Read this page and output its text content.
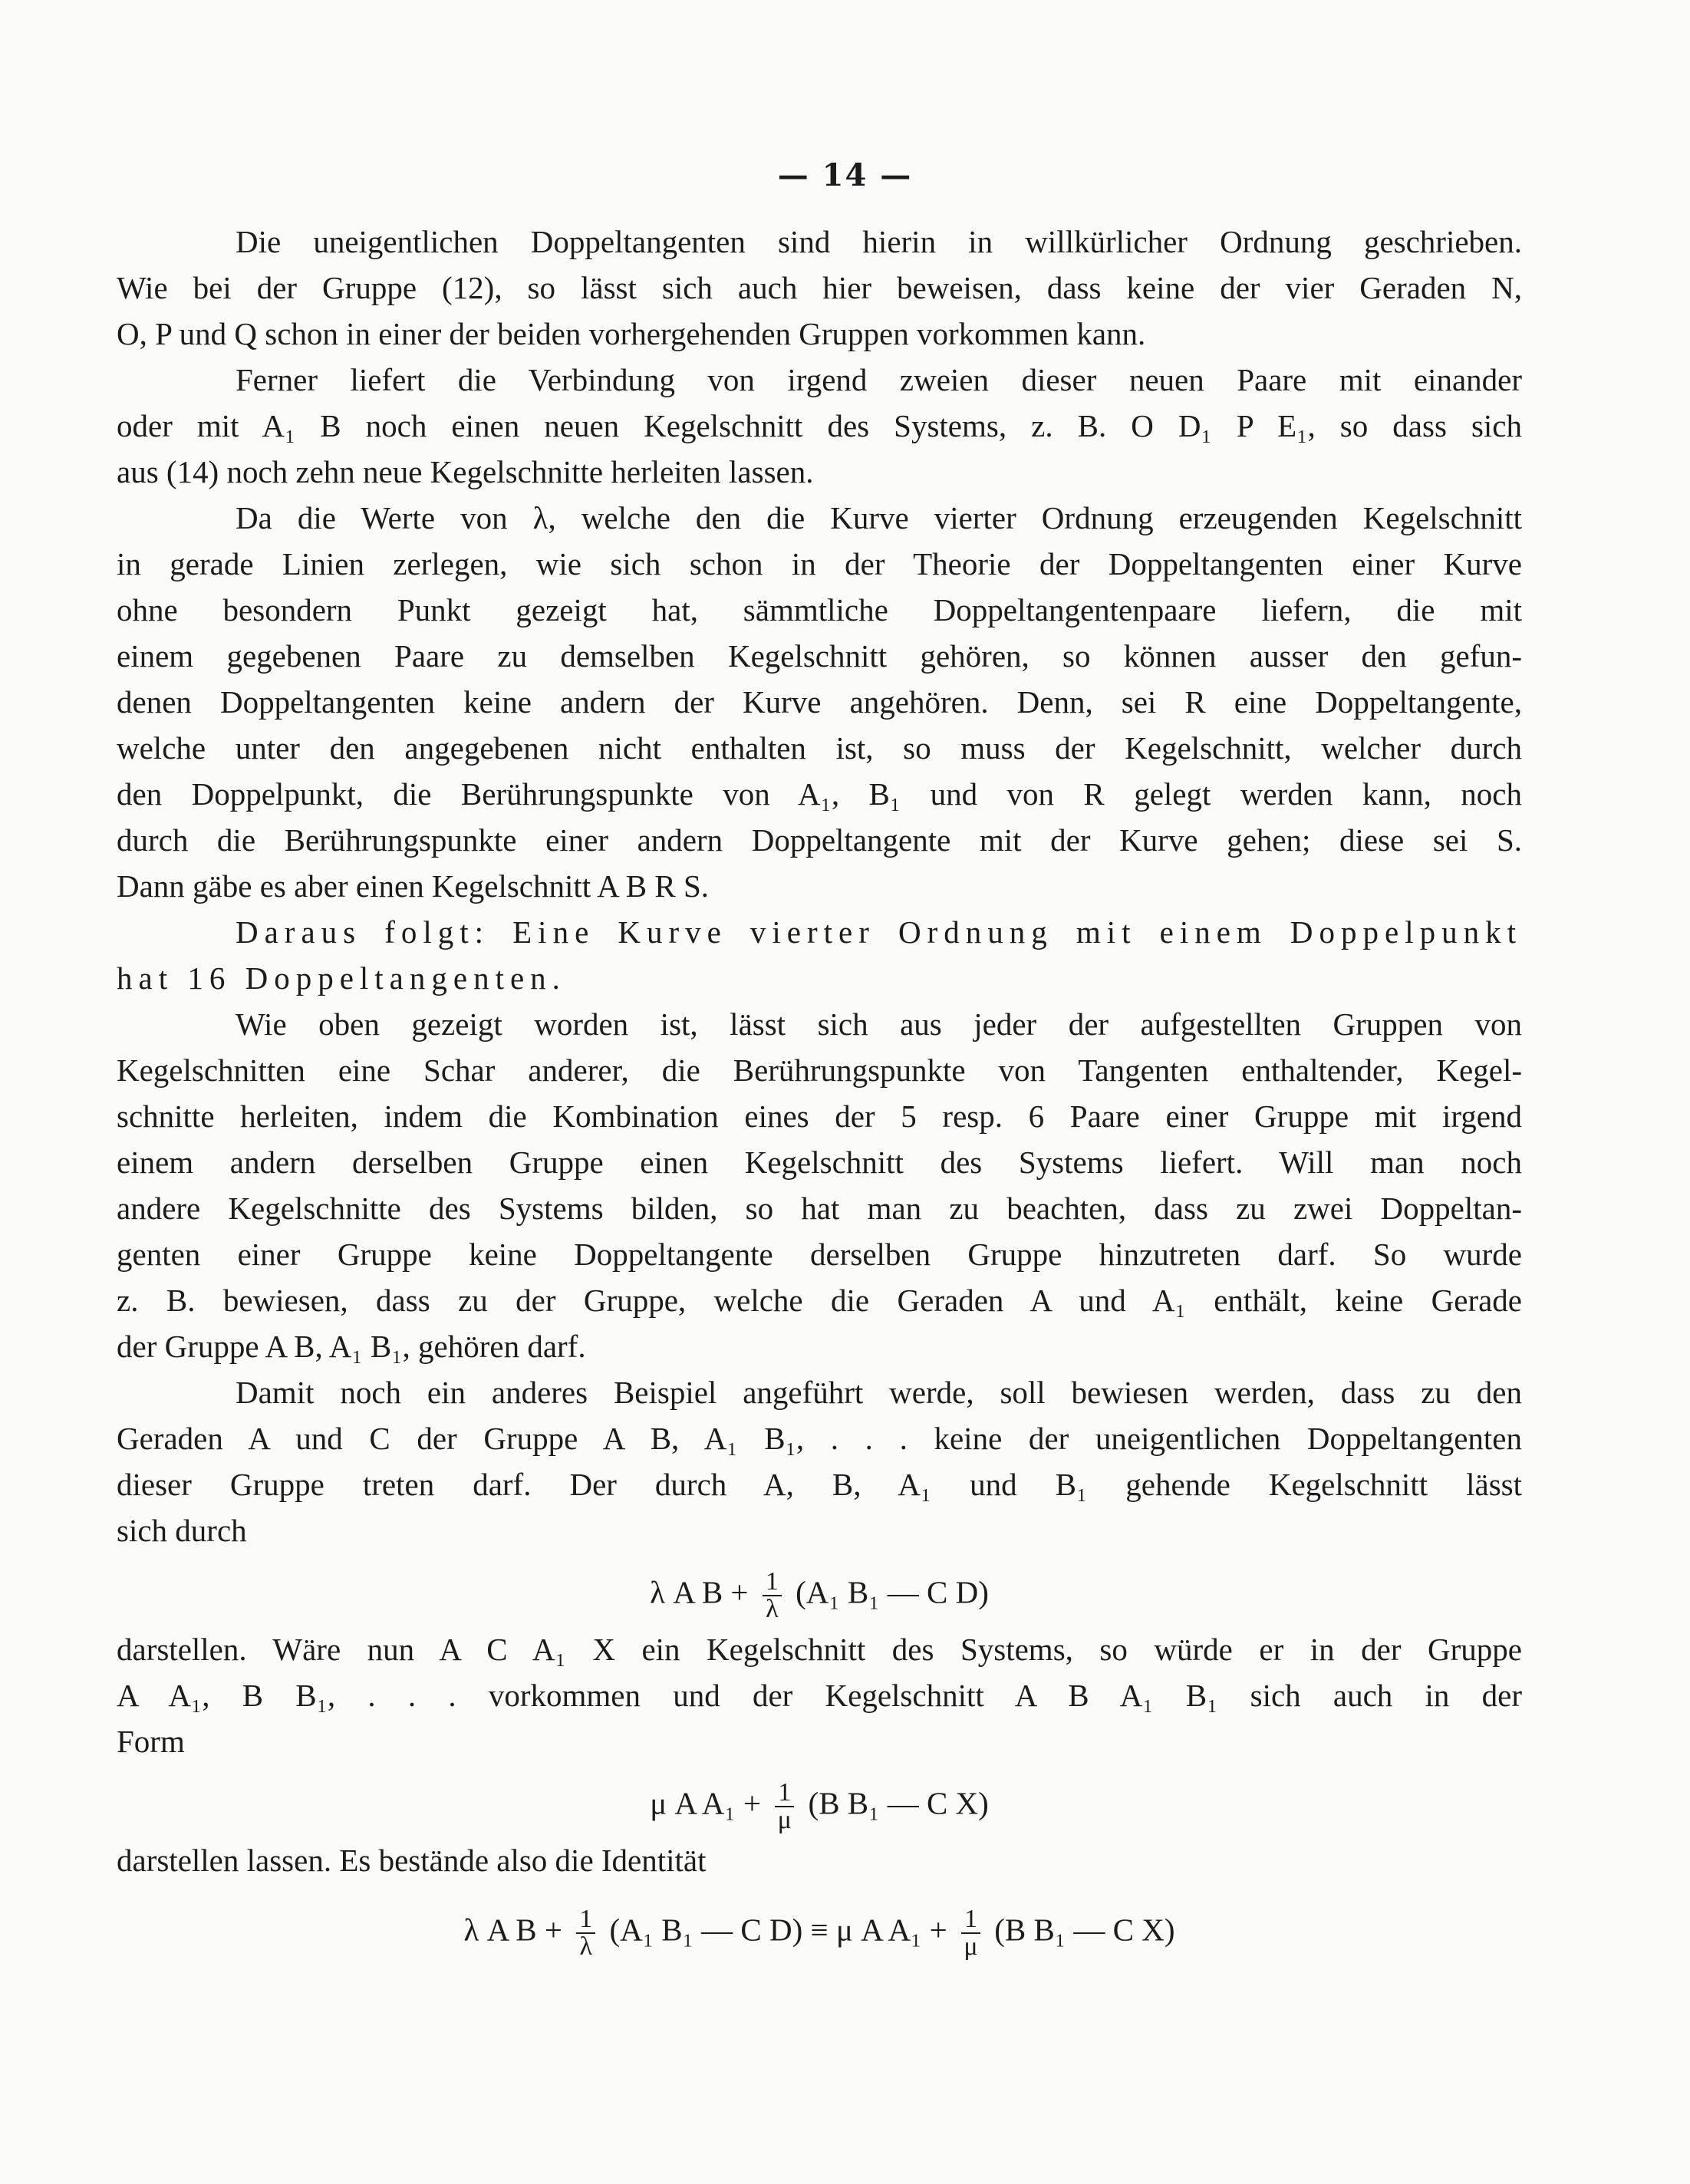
— 14 —
Die uneigentlichen Doppeltangenten sind hierin in willkürlicher Ordnung geschrieben.
Wie bei der Gruppe (12), so lässt sich auch hier beweisen, dass keine der vier Geraden N,
O, P und Q schon in einer der beiden vorhergehenden Gruppen vorkommen kann.
Ferner liefert die Verbindung von irgend zweien dieser neuen Paare mit einander
oder mit A₁ B noch einen neuen Kegelschnitt des Systems, z. B. O D₁ P E₁, so dass sich
aus (14) noch zehn neue Kegelschnitte herleiten lassen.
Da die Werte von λ, welche den die Kurve vierter Ordnung erzeugenden Kegelschnitt
in gerade Linien zerlegen, wie sich schon in der Theorie der Doppeltangenten einer Kurve
ohne besondern Punkt gezeigt hat, sämmtliche Doppeltangentenpaare liefern, die mit
einem gegebenen Paare zu demselben Kegelschnitt gehören, so können ausser den gefun-
denen Doppeltangenten keine andern der Kurve angehören. Denn, sei R eine Doppeltangente,
welche unter den angegebenen nicht enthalten ist, so muss der Kegelschnitt, welcher durch
den Doppelpunkt, die Berührungspunkte von A₁, B₁ und von R gelegt werden kann, noch
durch die Berührungspunkte einer andern Doppeltangente mit der Kurve gehen; diese sei S.
Dann gäbe es aber einen Kegelschnitt A B R S.
Daraus folgt: Eine Kurve vierter Ordnung mit einem Doppelpunkt
hat 16 Doppeltangenten.
Wie oben gezeigt worden ist, lässt sich aus jeder der aufgestellten Gruppen von
Kegelschnitten eine Schar anderer, die Berührungspunkte von Tangenten enthaltender, Kegel-
schnitte herleiten, indem die Kombination eines der 5 resp. 6 Paare einer Gruppe mit irgend
einem andern derselben Gruppe einen Kegelschnitt des Systems liefert. Will man noch
andere Kegelschnitte des Systems bilden, so hat man zu beachten, dass zu zwei Doppeltan-
genten einer Gruppe keine Doppeltangente derselben Gruppe hinzutreten darf. So wurde
z. B. bewiesen, dass zu der Gruppe, welche die Geraden A und A₁ enthält, keine Gerade
der Gruppe A B, A₁ B₁, gehören darf.
Damit noch ein anderes Beispiel angeführt werde, soll bewiesen werden, dass zu den
Geraden A und C der Gruppe A B, A₁ B₁, . . . keine der uneigentlichen Doppeltangenten
dieser Gruppe treten darf. Der durch A, B, A₁ und B₁ gehende Kegelschnitt lässt
sich durch
λ A $B + \frac{1}{\lambda} (A_1$ B₁ — C D)
darstellen. Wäre nun A C A₁ X ein Kegelschnitt des Systems, so würde er in der Gruppe
A A₁, B B₁, . . . vorkommen und der Kegelschnitt A B A₁ B₁ sich auch in der
Form
μ A $A_1 + \frac{1}{\mu} (B$ B₁ — C X)
darstellen lassen. Es bestände also die Identität
λ A $B + \frac{1}{\lambda} (A_1$ B₁ — C D) ≡ μ A $A_1 + \frac{1}{\mu} (B$ B₁ — C X)
